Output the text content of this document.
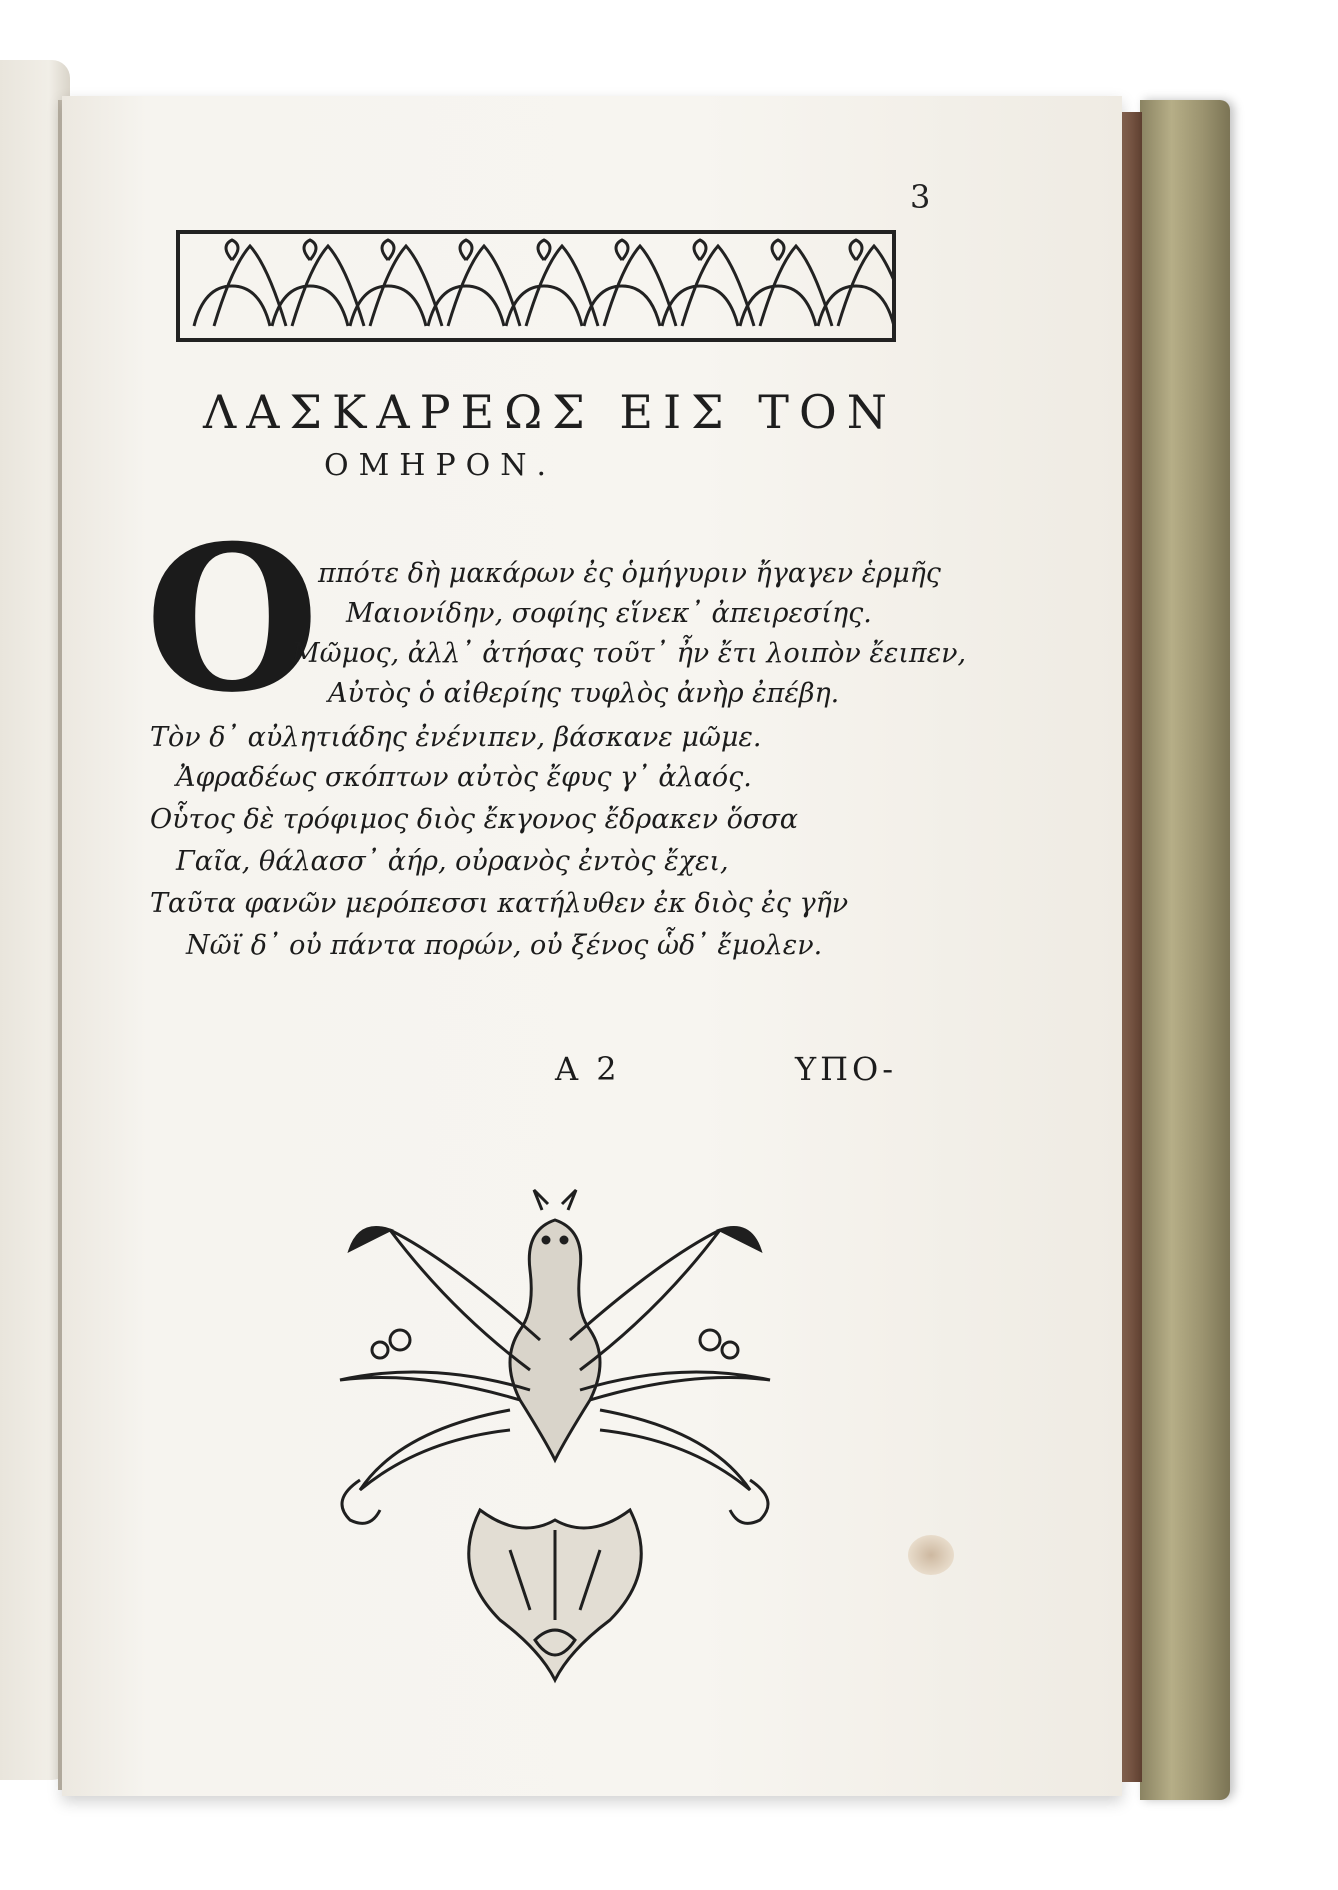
3
ΛΑΣΚΑΡΕΩΣ ΕΙΣ ΤΟΝ
ΟΜΗΡΟΝ.
Ο
ππότε δὴ μακάρων ἐς ὁμήγυριν ἤγαγεν ἑρμῆς
Μαιονίδην, σοφίης εἵνεκ᾽ ἀπειρεσίης.
Μῶμος, ἀλλ᾽ ἀτήσας τοῦτ᾽ ἦν ἔτι λοιπὸν ἔειπεν,
Αὐτὸς ὁ αἰθερίης τυφλὸς ἀνὴρ ἐπέβη.
Τὸν δ᾽ αὐλητιάδης ἐνένιπεν, βάσκανε μῶμε.
Ἀφραδέως σκόπτων αὐτὸς ἔφυς γ᾽ ἀλαός.
Οὗτος δὲ τρόφιμος διὸς ἔκγονος ἔδρακεν ὅσσα
Γαῖα, θάλασσ᾽ ἀήρ, οὐρανὸς ἐντὸς ἔχει,
Ταῦτα φανῶν μερόπεσσι κατήλυθεν ἐκ διὸς ἐς γῆν
Νῶϊ δ᾽ οὐ πάντα πορών, οὐ ξένος ὧδ᾽ ἔμολεν.
Α 2	ΥΠΟ-
